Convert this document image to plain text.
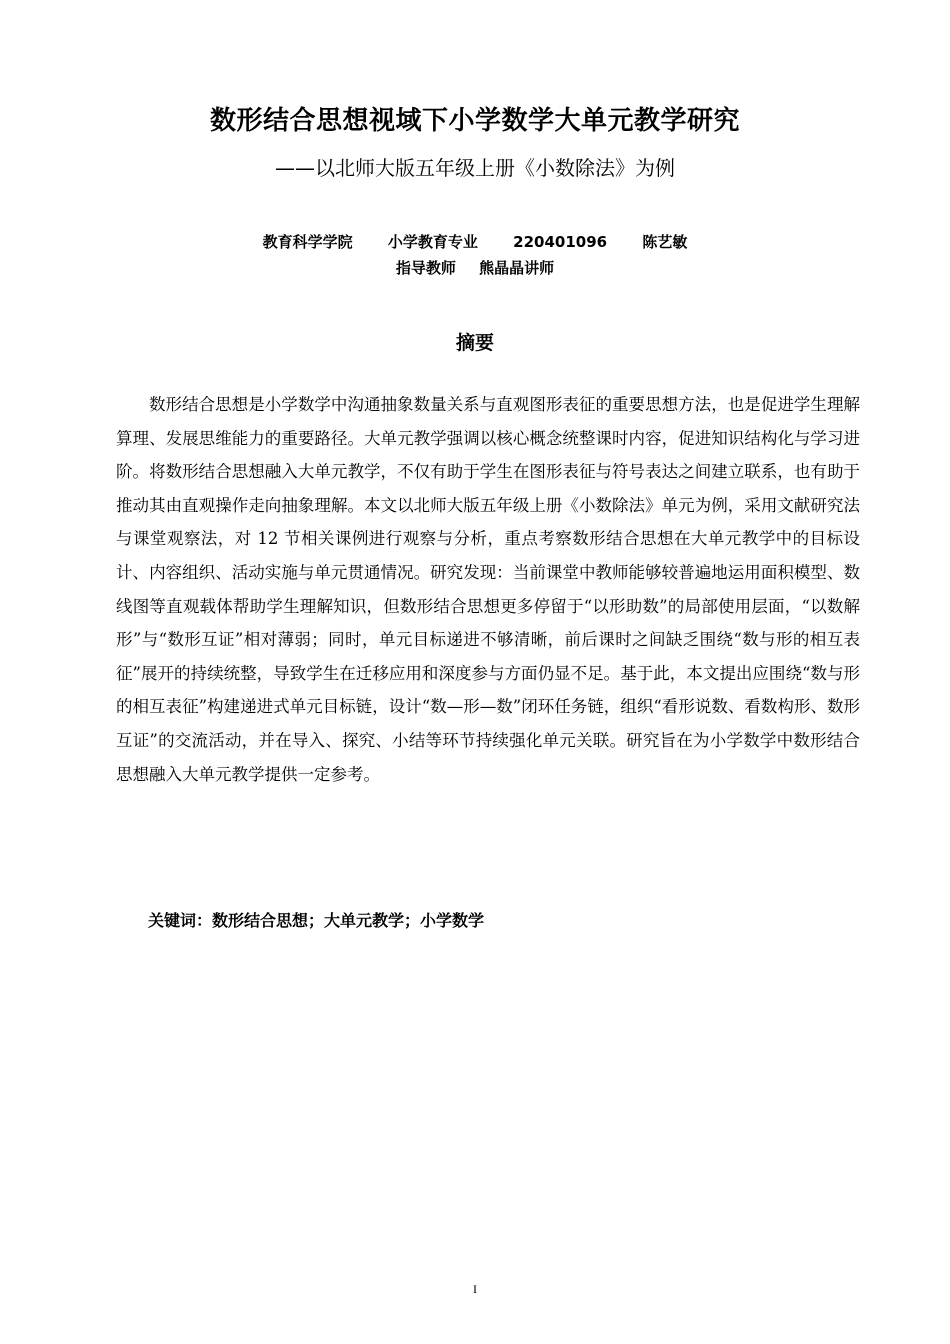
数形结合思想视域下小学数学大单元教学研究
——以北师大版五年级上册《小数除法》为例
教育科学学院 小学教育专业 220401096 陈艺敏
指导教师 熊晶晶讲师
摘要

数形结合思想是小学数学中沟通抽象数量关系与直观图形表征的重要思想方法，也是促进学生理解算理、发展思维能力的重要路径。大单元教学强调以核心概念统整课时内容，促进知识结构化与学习进阶。将数形结合思想融入大单元教学，不仅有助于学生在图形表征与符号表达之间建立联系，也有助于推动其由直观操作走向抽象理解。本文以北师大版五年级上册《小数除法》单元为例，采用文献研究法与课堂观察法，对 12 节相关课例进行观察与分析，重点考察数形结合思想在大单元教学中的目标设计、内容组织、活动实施与单元贯通情况。研究发现：当前课堂中教师能够较普遍地运用面积模型、数线图等直观载体帮助学生理解知识，但数形结合思想更多停留于“以形助数”的局部使用层面，“以数解形”与“数形互证”相对薄弱；同时，单元目标递进不够清晰，前后课时之间缺乏围绕“数与形的相互表征”展开的持续统整，导致学生在迁移应用和深度参与方面仍显不足。基于此，本文提出应围绕“数与形的相互表征”构建递进式单元目标链，设计“数—形—数”闭环任务链，组织“看形说数、看数构形、数形互证”的交流活动，并在导入、探究、小结等环节持续强化单元关联。研究旨在为小学数学中数形结合思想融入大单元教学提供一定参考。

关键词：数形结合思想；大单元教学；小学数学
I
